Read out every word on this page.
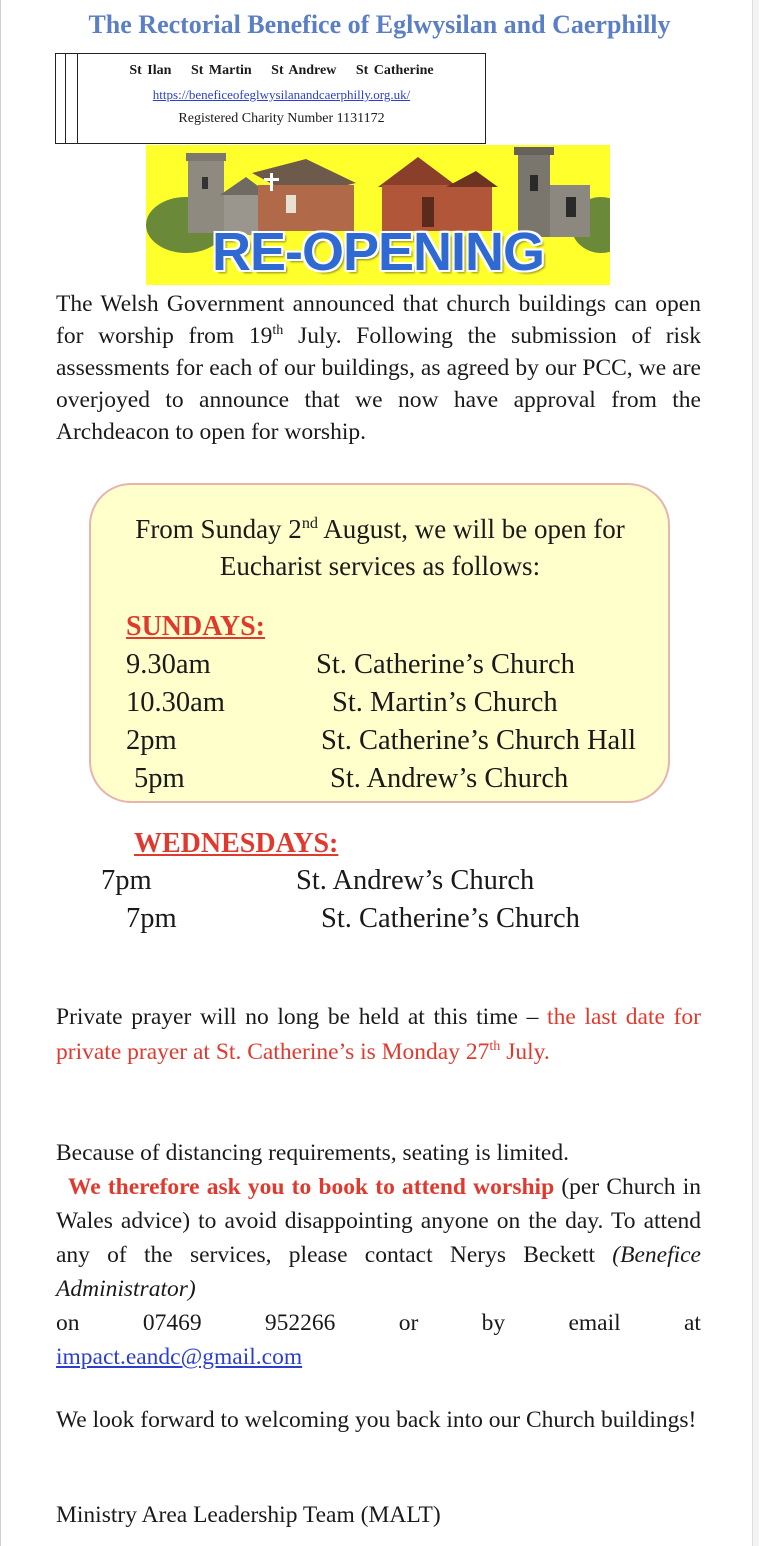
The Rectorial Benefice of Eglwysilan and Caerphilly
St Ilan St Martin St Andrew St Catherine
https://beneficeofeglwysilanandcaerphilly.org.uk/
Registered Charity Number 1131172
RE-OPENING
The Welsh Government announced that church buildings can open for worship from 19th July. Following the submission of risk assessments for each of our buildings, as agreed by our PCC, we are overjoyed to announce that we now have approval from the Archdeacon to open for worship.
From Sunday 2nd August, we will be open for
Eucharist services as follows:
SUNDAYS:
9.30am	St. Catherine’s Church
10.30am	St. Martin’s Church
2pm	St. Catherine’s Church Hall
5pm	St. Andrew’s Church
WEDNESDAYS:
7pm	St. Andrew’s Church
7pm	St. Catherine’s Church
Private prayer will no long be held at this time – the last date for private prayer at St. Catherine’s is Monday 27th July.
Because of distancing requirements, seating is limited.
We therefore ask you to book to attend worship (per Church in Wales advice) to avoid disappointing anyone on the day. To attend any of the services, please contact Nerys Beckett (Benefice Administrator)
on	07469	952266	or	by	email	at
impact.eandc@gmail.com
We look forward to welcoming you back into our Church buildings!
Ministry Area Leadership Team (MALT)
